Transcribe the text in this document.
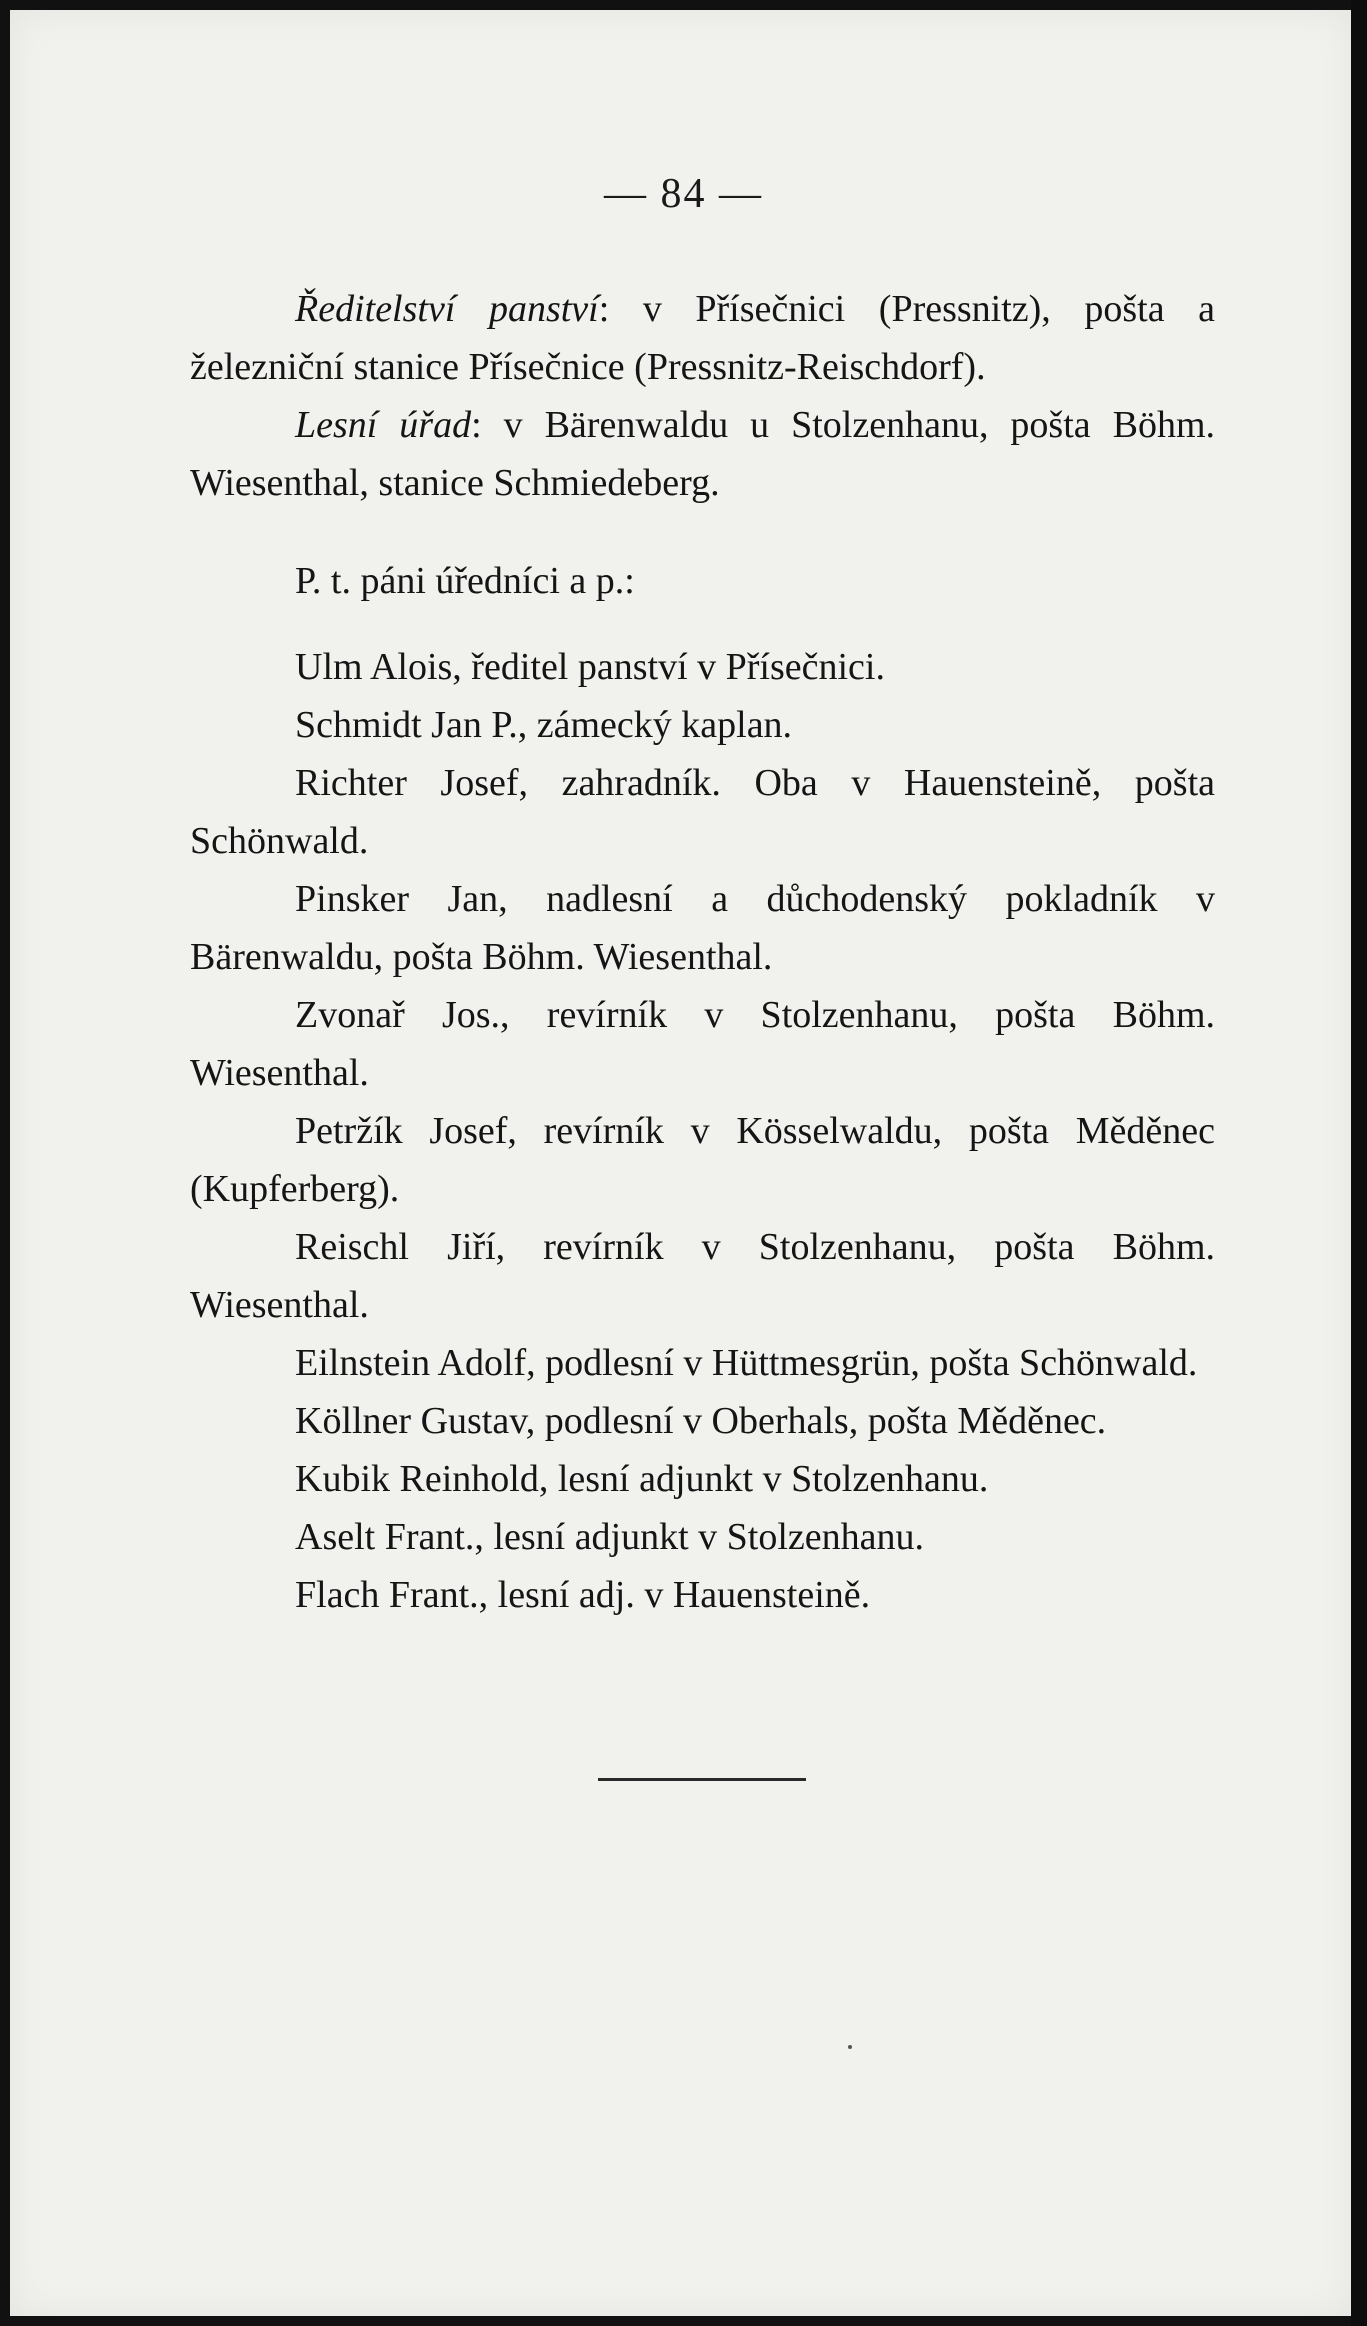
— 84 —

Ředitelství panství: v Přísečnici (Pressnitz), pošta a železniční stanice Přísečnice (Pressnitz-Reischdorf).

Lesní úřad: v Bärenwaldu u Stolzenhanu, pošta Böhm. Wiesenthal, stanice Schmiedeberg.

P. t. páni úředníci a p.:

Ulm Alois, ředitel panství v Přísečnici.

Schmidt Jan P., zámecký kaplan.

Richter Josef, zahradník. Oba v Hauensteině, pošta Schönwald.

Pinsker Jan, nadlesní a důchodenský pokladník v Bärenwaldu, pošta Böhm. Wiesenthal.

Zvonař Jos., revírník v Stolzenhanu, pošta Böhm. Wiesenthal.

Petržík Josef, revírník v Kösselwaldu, pošta Měděnec (Kupferberg).

Reischl Jiří, revírník v Stolzenhanu, pošta Böhm. Wiesenthal.

Eilnstein Adolf, podlesní v Hüttmesgrün, pošta Schönwald.

Köllner Gustav, podlesní v Oberhals, pošta Měděnec.

Kubik Reinhold, lesní adjunkt v Stolzenhanu.

Aselt Frant., lesní adjunkt v Stolzenhanu.

Flach Frant., lesní adj. v Hauensteině.
